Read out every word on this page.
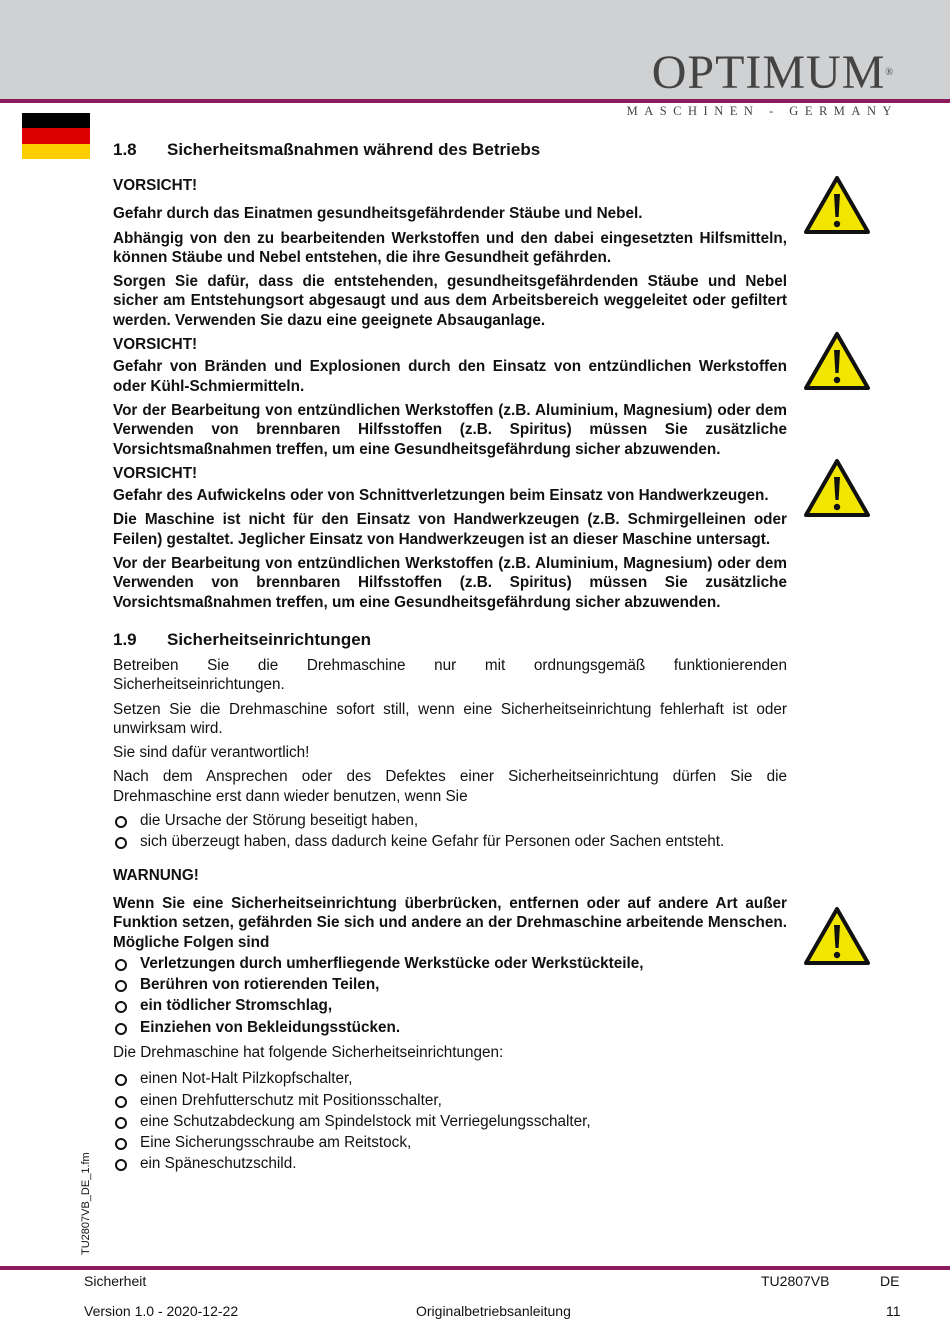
OPTIMUM®
MASCHINEN - GERMANY
1.8 Sicherheitsmaßnahmen während des Betriebs

VORSICHT!

Gefahr durch das Einatmen gesundheitsgefährdender Stäube und Nebel.

Abhängig von den zu bearbeitenden Werkstoffen und den dabei eingesetzten Hilfsmitteln, können Stäube und Nebel entstehen, die ihre Gesundheit gefährden.

Sorgen Sie dafür, dass die entstehenden, gesundheitsgefährdenden Stäube und Nebel sicher am Entstehungsort abgesaugt und aus dem Arbeitsbereich weggeleitet oder gefiltert werden. Verwenden Sie dazu eine geeignete Absauganlage.

VORSICHT!

Gefahr von Bränden und Explosionen durch den Einsatz von entzündlichen Werkstoffen oder Kühl-Schmiermitteln.

Vor der Bearbeitung von entzündlichen Werkstoffen (z.B. Aluminium, Magnesium) oder dem Verwenden von brennbaren Hilfsstoffen (z.B. Spiritus) müssen Sie zusätzliche Vorsichtsmaßnahmen treffen, um eine Gesundheitsgefährdung sicher abzuwenden.

VORSICHT!

Gefahr des Aufwickelns oder von Schnittverletzungen beim Einsatz von Handwerkzeugen.

Die Maschine ist nicht für den Einsatz von Handwerkzeugen (z.B. Schmirgelleinen oder Feilen) gestaltet. Jeglicher Einsatz von Handwerkzeugen ist an dieser Maschine untersagt.

Vor der Bearbeitung von entzündlichen Werkstoffen (z.B. Aluminium, Magnesium) oder dem Verwenden von brennbaren Hilfsstoffen (z.B. Spiritus) müssen Sie zusätzliche Vorsichtsmaßnahmen treffen, um eine Gesundheitsgefährdung sicher abzuwenden.

1.9 Sicherheitseinrichtungen

Betreiben Sie die Drehmaschine nur mit ordnungsgemäß funktionierenden Sicherheitseinrichtungen.

Setzen Sie die Drehmaschine sofort still, wenn eine Sicherheitseinrichtung fehlerhaft ist oder unwirksam wird.

Sie sind dafür verantwortlich!

Nach dem Ansprechen oder des Defektes einer Sicherheitseinrichtung dürfen Sie die Drehmaschine erst dann wieder benutzen, wenn Sie

die Ursache der Störung beseitigt haben,
sich überzeugt haben, dass dadurch keine Gefahr für Personen oder Sachen entsteht.

WARNUNG!

Wenn Sie eine Sicherheitseinrichtung überbrücken, entfernen oder auf andere Art außer Funktion setzen, gefährden Sie sich und andere an der Drehmaschine arbeitende Menschen. Mögliche Folgen sind

Verletzungen durch umherfliegende Werkstücke oder Werkstückteile,
Berühren von rotierenden Teilen,
ein tödlicher Stromschlag,
Einziehen von Bekleidungsstücken.

Die Drehmaschine hat folgende Sicherheitseinrichtungen:

einen Not-Halt Pilzkopfschalter,
einen Drehfutterschutz mit Positionsschalter,
eine Schutzabdeckung am Spindelstock mit Verriegelungsschalter,
Eine Sicherungsschraube am Reitstock,
ein Späneschutzschild.
TU2807VB_DE_1.fm
Sicherheit	TU2807VB	DE
Version 1.0 - 2020-12-22	Originalbetriebsanleitung	11
